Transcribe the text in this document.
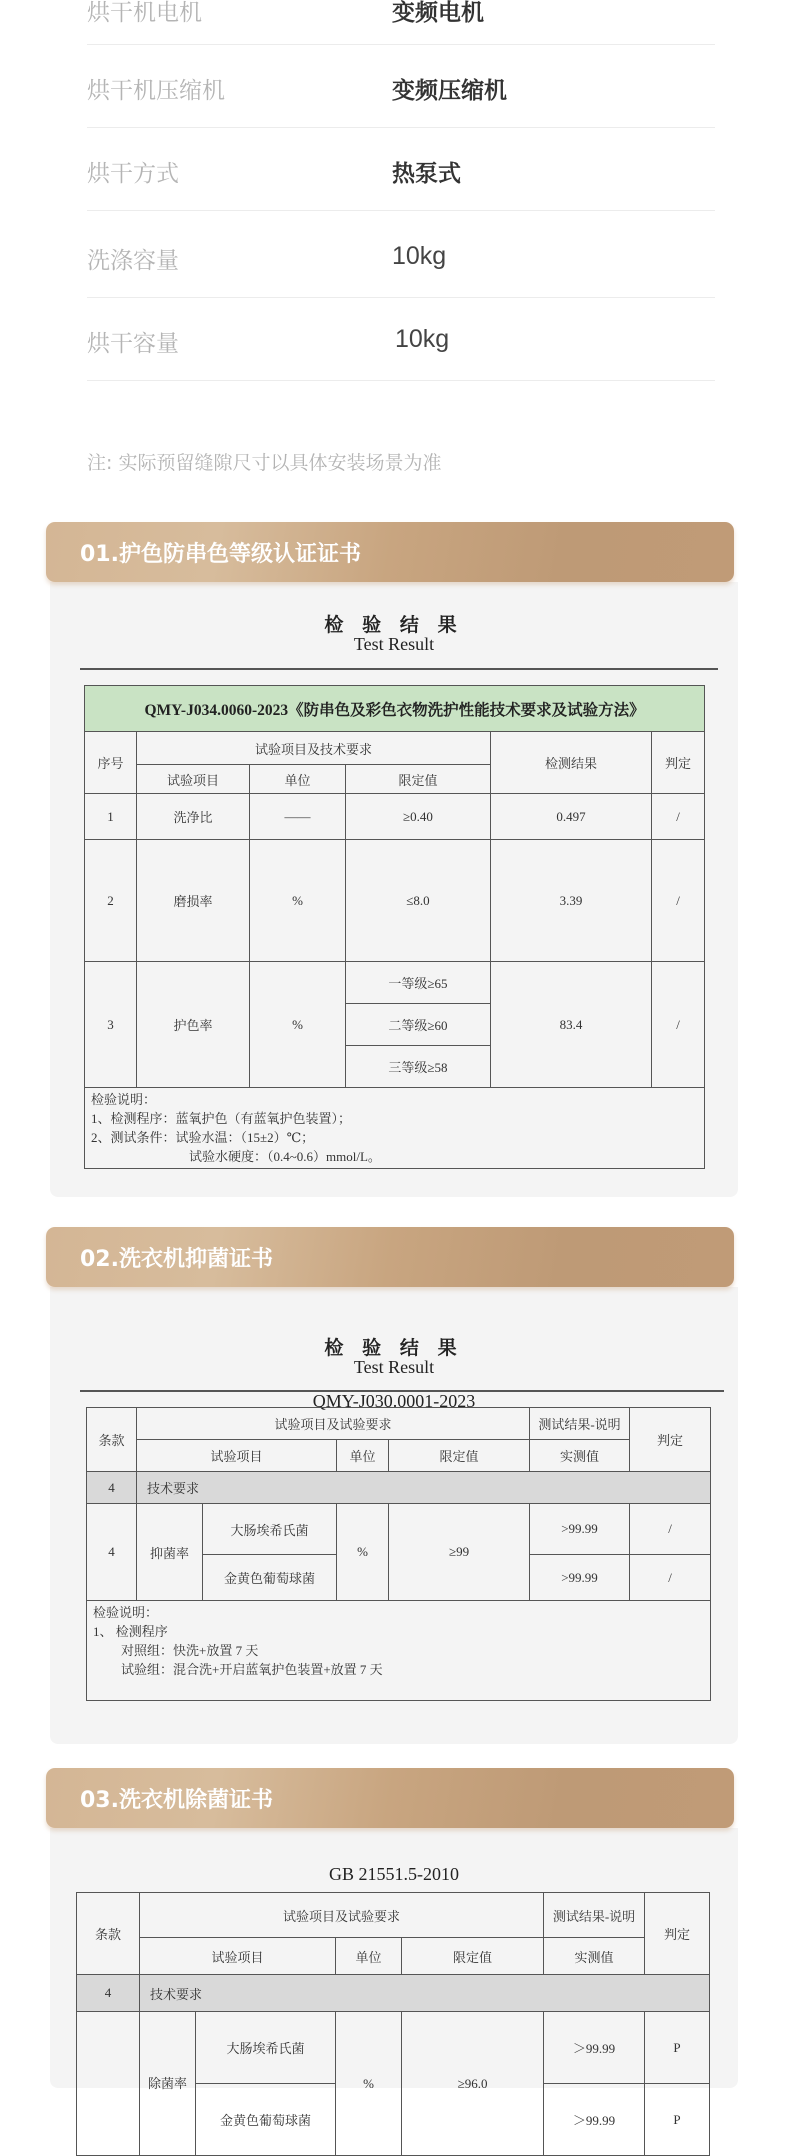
烘干机电机	变频电机
烘干机压缩机	变频压缩机
烘干方式	热泵式
洗涤容量	10kg
烘干容量	10kg
注: 实际预留缝隙尺寸以具体安装场景为准
01.护色防串色等级认证证书
检 验 结 果
Test Result
QMY-J034.0060-2023《防串色及彩色衣物洗护性能技术要求及试验方法》					
序号	试验项目及技术要求			检测结果	判定
	试验项目	单位	限定值		
1	洗净比	——	≥0.40	0.497	/
2	磨损率	%	≤8.0	3.39	/
3	护色率	%	一等级≥65	83.4	/
			二等级≥60		
			三等级≥58		

检验说明：
1、检测程序：蓝氧护色（有蓝氧护色装置）；
2、测试条件：试验水温：（15±2）℃；
试验水硬度：（0.4~0.6）mmol/L。					
02.洗衣机抑菌证书
检 验 结 果
Test Result
QMY-J030.0001-2023
条款	试验项目及试验要求				测试结果-说明	判定
	试验项目		单位	限定值	实测值	
4	技术要求					
4	抑菌率	大肠埃希氏菌	%	≥99	>99.99	/
		金黄色葡萄球菌			>99.99	/

检验说明：
1、 检测程序
对照组：快洗+放置 7 天
试验组：混合洗+开启蓝氧护色装置+放置 7 天						
03.洗衣机除菌证书
GB 21551.5-2010
条款	试验项目及试验要求				测试结果-说明	判定
	试验项目		单位	限定值	实测值	
4	技术要求					
	除菌率	大肠埃希氏菌	%	≥96.0	＞99.99	P
		金黄色葡萄球菌			＞99.99	P
